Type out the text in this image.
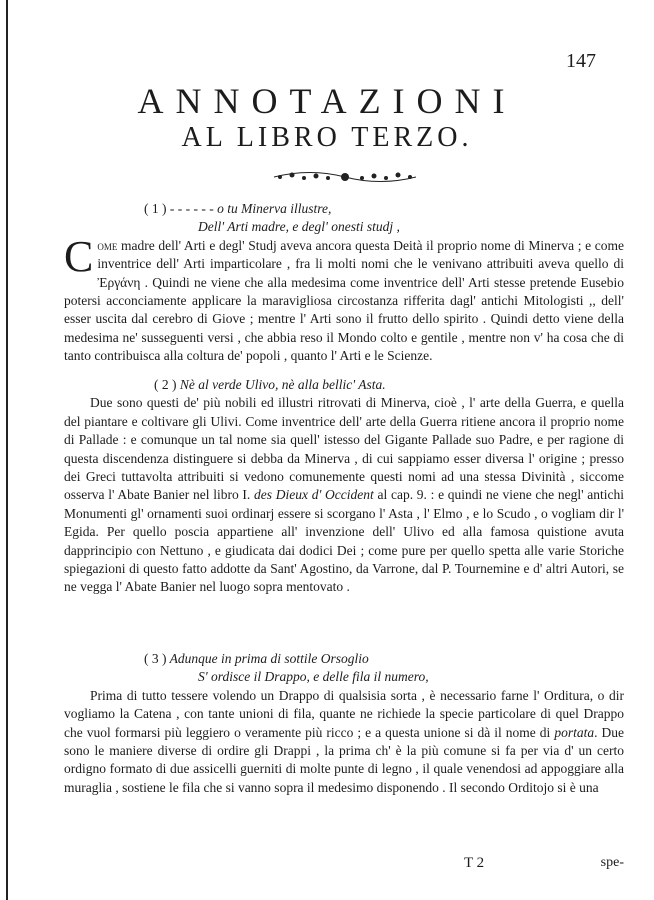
147
ANNOTAZIONI
AL LIBRO TERZO.
( 1 ) - - - - - - o tu Minerva illustre,
Dell' Arti madre, e degl' onesti studj ,
Come madre dell' Arti e degl' Studj aveva ancora questa Deità il proprio nome di Minerva ; e come inventrice dell' Arti imparticolare , fra li molti nomi che le venivano attribuiti aveva quello di Ἐργάνη . Quindi ne viene che alla medesima come inventrice dell' Arti stesse pretende Eusebio potersi acconciamente applicare la maravigliosa circostanza rifferita dagl' antichi Mitologisti ,, dell' esser uscita dal cerebro di Giove ; mentre l' Arti sono il frutto dello spirito . Quindi detto viene della medesima ne' susseguenti versi , che abbia reso il Mondo colto e gentile , mentre non v' ha cosa che di tanto contribuisca alla coltura de' popoli , quanto l' Arti e le Scienze.
( 2 ) Nè al verde Ulivo, nè alla bellic' Asta.
Due sono questi de' più nobili ed illustri ritrovati di Minerva, cioè , l' arte della Guerra, e quella del piantare e coltivare gli Ulivi. Come inventrice dell' arte della Guerra ritiene ancora il proprio nome di Pallade : e comunque un tal nome sia quell' istesso del Gigante Pallade suo Padre, e per ragione di questa discendenza distinguere si debba da Minerva , di cui sappiamo esser diversa l' origine ; presso dei Greci tuttavolta attribuiti si vedono comunemente questi nomi ad una stessa Divinità , siccome osserva l' Abate Banier nel libro I. des Dieux d' Occident al cap. 9. : e quindi ne viene che negl' antichi Monumenti gl' ornamenti suoi ordinarj essere si scorgano l' Asta , l' Elmo , e lo Scudo , o vogliam dir l' Egida. Per quello poscia appartiene all' invenzione dell' Ulivo ed alla famosa quistione avuta dapprincipio con Nettuno , e giudicata dai dodici Dei ; come pure per quello spetta alle varie Storiche spiegazioni di questo fatto addotte da Sant' Agostino, da Varrone, dal P. Tournemine e d' altri Autori, se ne vegga l' Abate Banier nel luogo sopra mentovato .
( 3 ) Adunque in prima di sottile Orsoglio
S' ordisce il Drappo, e delle fila il numero,
Prima di tutto tessere volendo un Drappo di qualsisia sorta , è necessario farne l' Orditura, o dir vogliamo la Catena , con tante unioni di fila, quante ne richiede la specie particolare di quel Drappo che vuol formarsi più leggiero o veramente più ricco ; e a questa unione si dà il nome di portata. Due sono le maniere diverse di ordire gli Drappi , la prima ch' è la più comune si fa per via d' un certo ordigno formato di due assicelli guerniti di molte punte di legno , il quale venendosi ad appoggiare alla muraglia , sostiene le fila che si vanno sopra il medesimo disponendo . Il secondo Orditojo si è una
T 2	spe-
